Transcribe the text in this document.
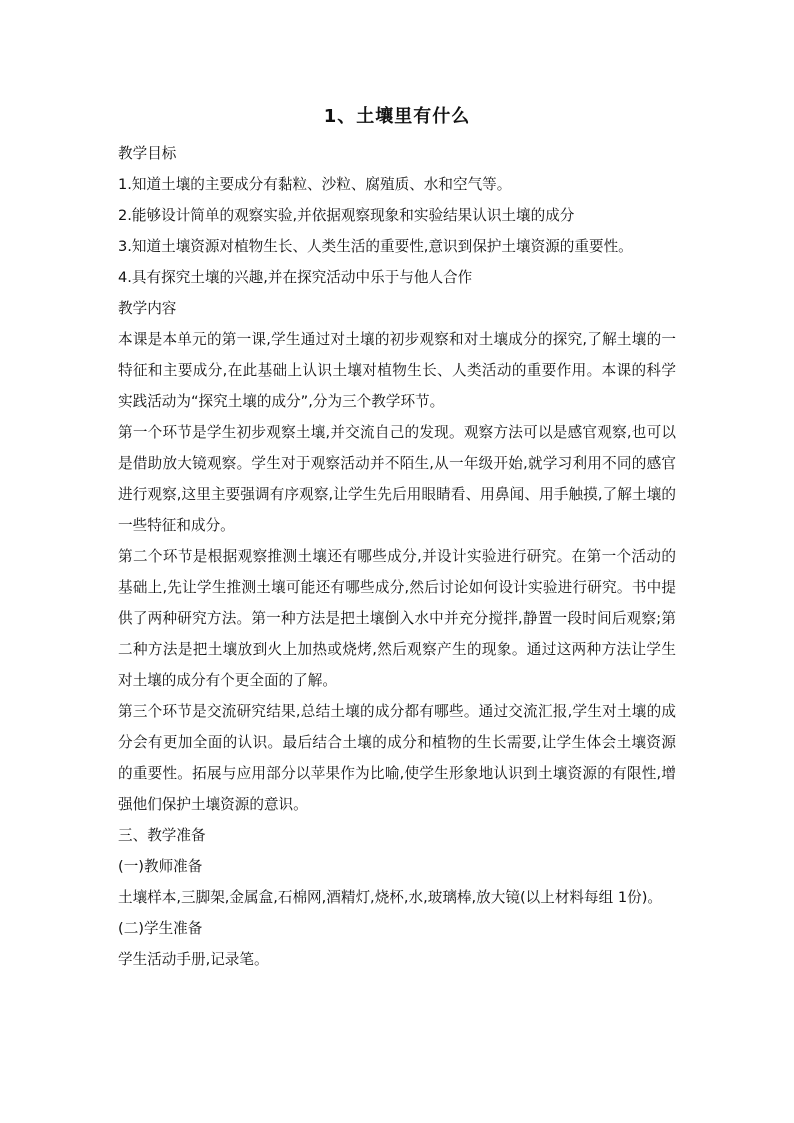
1、土壤里有什么

教学目标

1.知道土壤的主要成分有黏粒、沙粒、腐殖质、水和空气等。

2.能够设计简单的观察实验,并依据观察现象和实验结果认识土壤的成分

3.知道土壤资源对植物生长、人类生活的重要性,意识到保护土壤资源的重要性。

4.具有探究土壤的兴趣,并在探究活动中乐于与他人合作

教学内容

本课是本单元的第一课,学生通过对土壤的初步观察和对土壤成分的探究,了解土壤的一特征和主要成分,在此基础上认识土壤对植物生长、人类活动的重要作用。本课的科学实践活动为“探究土壤的成分”,分为三个教学环节。

第一个环节是学生初步观察土壤,并交流自己的发现。观察方法可以是感官观察,也可以是借助放大镜观察。学生对于观察活动并不陌生,从一年级开始,就学习利用不同的感官进行观察,这里主要强调有序观察,让学生先后用眼睛看、用鼻闻、用手触摸,了解土壤的一些特征和成分。

第二个环节是根据观察推测土壤还有哪些成分,并设计实验进行研究。在第一个活动的基础上,先让学生推测土壤可能还有哪些成分,然后讨论如何设计实验进行研究。书中提供了两种研究方法。第一种方法是把土壤倒入水中并充分搅拌,静置一段时间后观察;第二种方法是把土壤放到火上加热或烧烤,然后观察产生的现象。通过这两种方法让学生对土壤的成分有个更全面的了解。

第三个环节是交流研究结果,总结土壤的成分都有哪些。通过交流汇报,学生对土壤的成分会有更加全面的认识。最后结合土壤的成分和植物的生长需要,让学生体会土壤资源的重要性。拓展与应用部分以苹果作为比喻,使学生形象地认识到土壤资源的有限性,增强他们保护土壤资源的意识。

三、教学准备

(一)教师准备

土壤样本,三脚架,金属盒,石棉网,酒精灯,烧杯,水,玻璃棒,放大镜(以上材料每组 1份)。

(二)学生准备

学生活动手册,记录笔。
